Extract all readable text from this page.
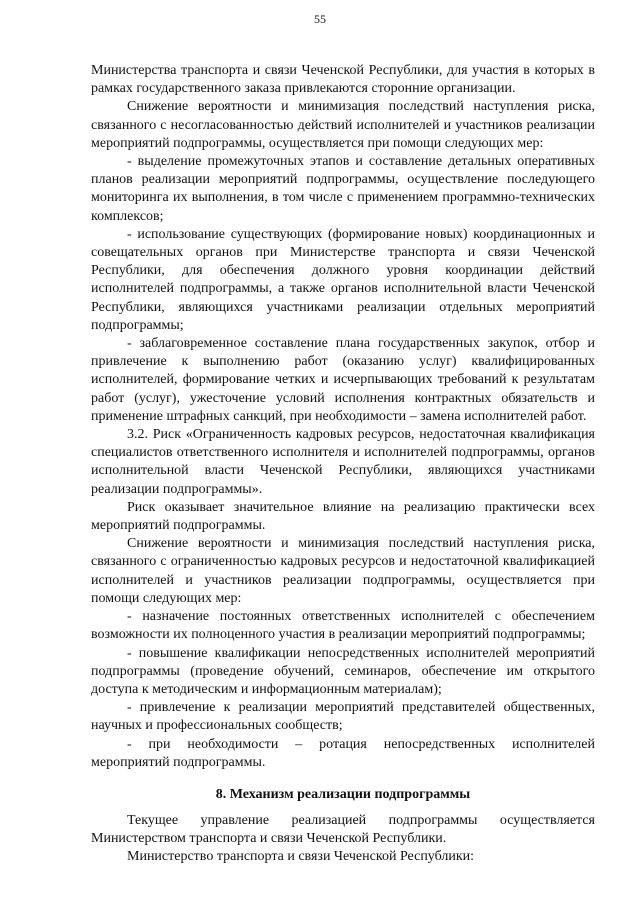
55

Министерства транспорта и связи Чеченской Республики, для участия в которых в рамках государственного заказа привлекаются сторонние организации.

Снижение вероятности и минимизация последствий наступления риска, связанного с несогласованностью действий исполнителей и участников реализации мероприятий подпрограммы, осуществляется при помощи следующих мер:

- выделение промежуточных этапов и составление детальных оперативных планов реализации мероприятий подпрограммы, осуществление последующего мониторинга их выполнения, в том числе с применением программно-технических комплексов;

- использование существующих (формирование новых) координационных и совещательных органов при Министерстве транспорта и связи Чеченской Республики, для обеспечения должного уровня координации действий исполнителей подпрограммы, а также органов исполнительной власти Чеченской Республики, являющихся участниками реализации отдельных мероприятий подпрограммы;

- заблаговременное составление плана государственных закупок, отбор и привлечение к выполнению работ (оказанию услуг) квалифицированных исполнителей, формирование четких и исчерпывающих требований к результатам работ (услуг), ужесточение условий исполнения контрактных обязательств и применение штрафных санкций, при необходимости – замена исполнителей работ.

3.2. Риск «Ограниченность кадровых ресурсов, недостаточная квалификация специалистов ответственного исполнителя и исполнителей подпрограммы, органов исполнительной власти Чеченской Республики, являющихся участниками реализации подпрограммы».

Риск оказывает значительное влияние на реализацию практически всех мероприятий подпрограммы.

Снижение вероятности и минимизация последствий наступления риска, связанного с ограниченностью кадровых ресурсов и недостаточной квалификацией исполнителей и участников реализации подпрограммы, осуществляется при помощи следующих мер:

- назначение постоянных ответственных исполнителей с обеспечением возможности их полноценного участия в реализации мероприятий подпрограммы;

- повышение квалификации непосредственных исполнителей мероприятий подпрограммы (проведение обучений, семинаров, обеспечение им открытого доступа к методическим и информационным материалам);

- привлечение к реализации мероприятий представителей общественных, научных и профессиональных сообществ;

- при необходимости – ротация непосредственных исполнителей мероприятий подпрограммы.

8. Механизм реализации подпрограммы

Текущее управление реализацией подпрограммы осуществляется Министерством транспорта и связи Чеченской Республики.

Министерство транспорта и связи Чеченской Республики:
